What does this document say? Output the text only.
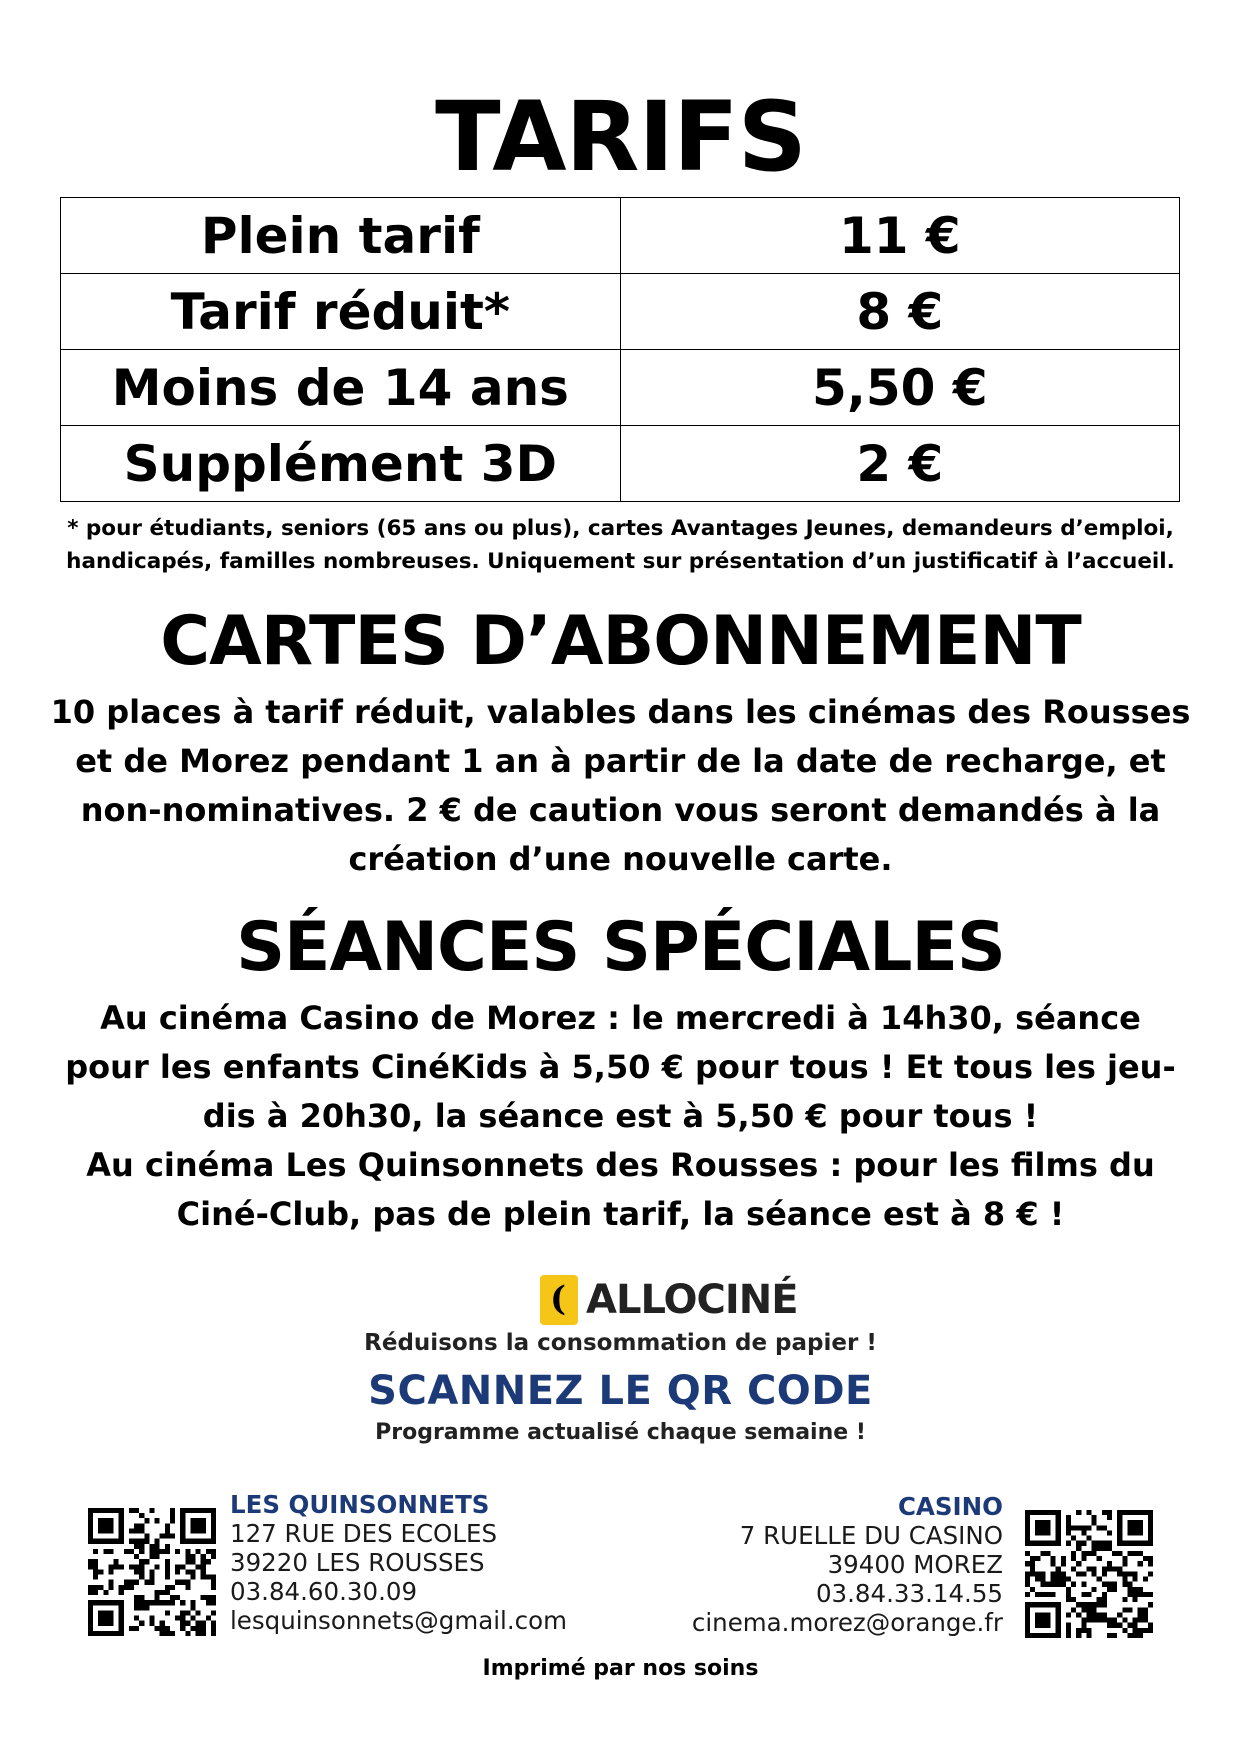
TARIFS
Plein tarif	11 €
Tarif réduit*	8 €
Moins de 14 ans	5,50 €
Supplément 3D	2 €
* pour étudiants, seniors (65 ans ou plus), cartes Avantages Jeunes, demandeurs d’emploi,
handicapés, familles nombreuses. Uniquement sur présentation d’un justificatif à l’accueil.
CARTES D’ABONNEMENT
10 places à tarif réduit, valables dans les cinémas des Rousses
et de Morez pendant 1 an à partir de la date de recharge, et
non-nominatives. 2 € de caution vous seront demandés à la
création d’une nouvelle carte.
SÉANCES SPÉCIALES
Au cinéma Casino de Morez : le mercredi à 14h30, séance
pour les enfants CinéKids à 5,50 € pour tous ! Et tous les jeu-
dis à 20h30, la séance est à 5,50 € pour tous !
Au cinéma Les Quinsonnets des Rousses : pour les films du
Ciné-Club, pas de plein tarif, la séance est à 8 € !
( ALLOCINÉ
Réduisons la consommation de papier !
SCANNEZ LE QR CODE
Programme actualisé chaque semaine !
LES QUINSONNETS
127 RUE DES ECOLES
39220 LES ROUSSES
03.84.60.30.09
lesquinsonnets@gmail.com
CASINO
7 RUELLE DU CASINO
39400 MOREZ
03.84.33.14.55
cinema.morez@orange.fr
Imprimé par nos soins
